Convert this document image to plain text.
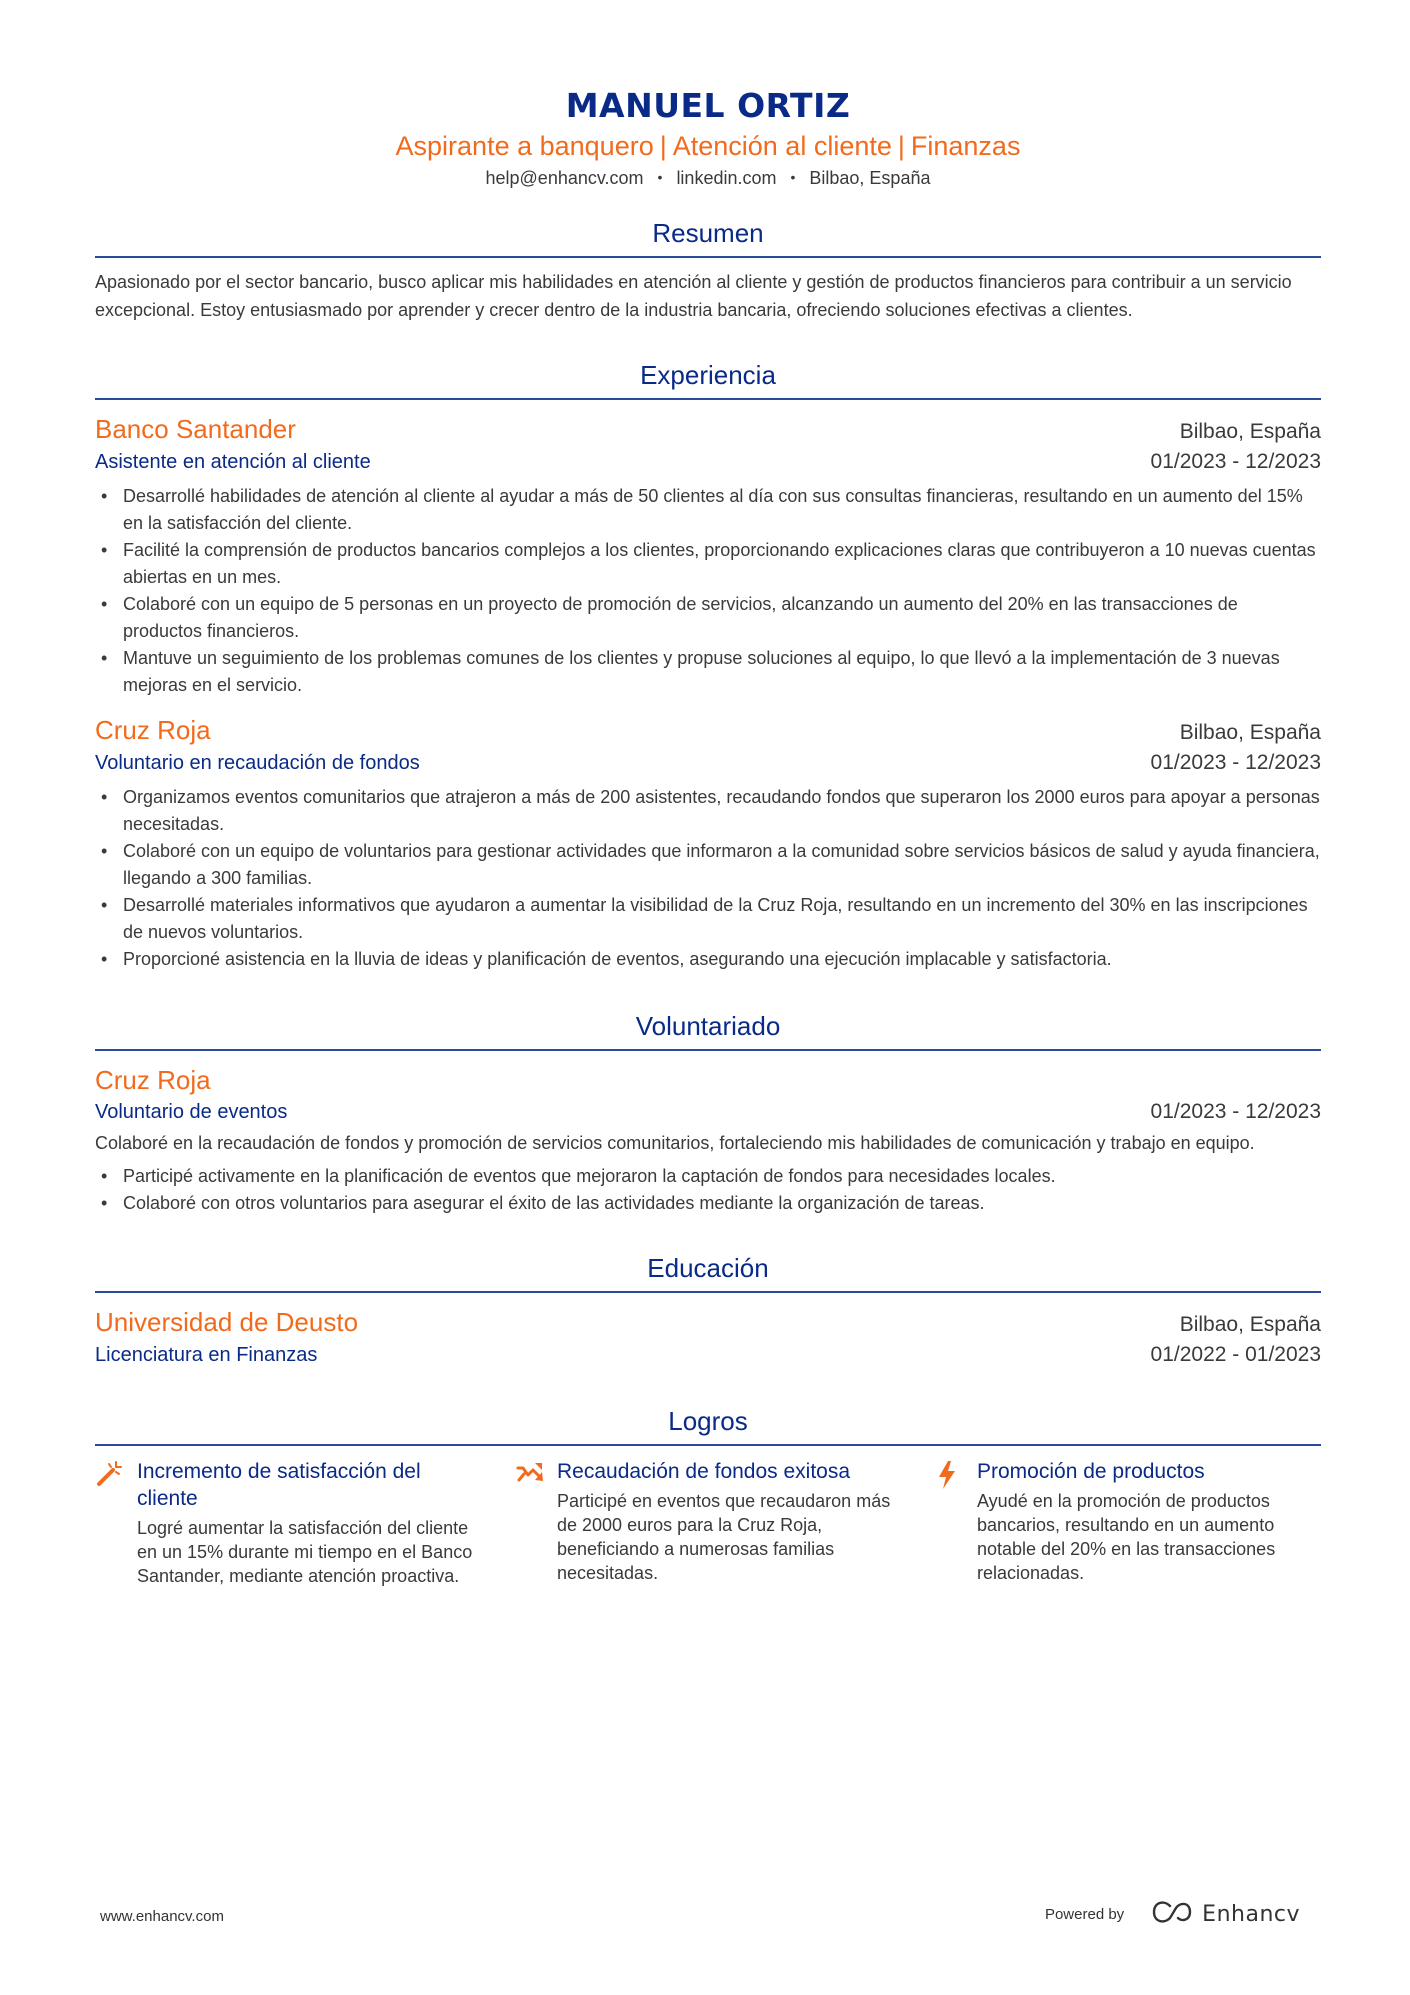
MANUEL ORTIZ
Aspirante a banquero | Atención al cliente | Finanzas
help@enhancv.com • linkedin.com • Bilbao, España
Resumen
Apasionado por el sector bancario, busco aplicar mis habilidades en atención al cliente y gestión de productos financieros para contribuir a un servicio excepcional. Estoy entusiasmado por aprender y crecer dentro de la industria bancaria, ofreciendo soluciones efectivas a clientes.
Experiencia
Banco Santander	Bilbao, España
Asistente en atención al cliente	01/2023 - 12/2023
• Desarrollé habilidades de atención al cliente al ayudar a más de 50 clientes al día con sus consultas financieras, resultando en un aumento del 15% en la satisfacción del cliente.
• Facilité la comprensión de productos bancarios complejos a los clientes, proporcionando explicaciones claras que contribuyeron a 10 nuevas cuentas abiertas en un mes.
• Colaboré con un equipo de 5 personas en un proyecto de promoción de servicios, alcanzando un aumento del 20% en las transacciones de productos financieros.
• Mantuve un seguimiento de los problemas comunes de los clientes y propuse soluciones al equipo, lo que llevó a la implementación de 3 nuevas mejoras en el servicio.
Cruz Roja	Bilbao, España
Voluntario en recaudación de fondos	01/2023 - 12/2023
• Organizamos eventos comunitarios que atrajeron a más de 200 asistentes, recaudando fondos que superaron los 2000 euros para apoyar a personas necesitadas.
• Colaboré con un equipo de voluntarios para gestionar actividades que informaron a la comunidad sobre servicios básicos de salud y ayuda financiera, llegando a 300 familias.
• Desarrollé materiales informativos que ayudaron a aumentar la visibilidad de la Cruz Roja, resultando en un incremento del 30% en las inscripciones de nuevos voluntarios.
• Proporcioné asistencia en la lluvia de ideas y planificación de eventos, asegurando una ejecución implacable y satisfactoria.
Voluntariado
Cruz Roja
Voluntario de eventos	01/2023 - 12/2023
Colaboré en la recaudación de fondos y promoción de servicios comunitarios, fortaleciendo mis habilidades de comunicación y trabajo en equipo.
• Participé activamente en la planificación de eventos que mejoraron la captación de fondos para necesidades locales.
• Colaboré con otros voluntarios para asegurar el éxito de las actividades mediante la organización de tareas.
Educación
Universidad de Deusto	Bilbao, España
Licenciatura en Finanzas	01/2022 - 01/2023
Logros
Incremento de satisfacción del cliente
Logré aumentar la satisfacción del cliente en un 15% durante mi tiempo en el Banco Santander, mediante atención proactiva.
Recaudación de fondos exitosa
Participé en eventos que recaudaron más de 2000 euros para la Cruz Roja, beneficiando a numerosas familias necesitadas.
Promoción de productos
Ayudé en la promoción de productos bancarios, resultando en un aumento notable del 20% en las transacciones relacionadas.
www.enhancv.com	Powered by	Enhancv
